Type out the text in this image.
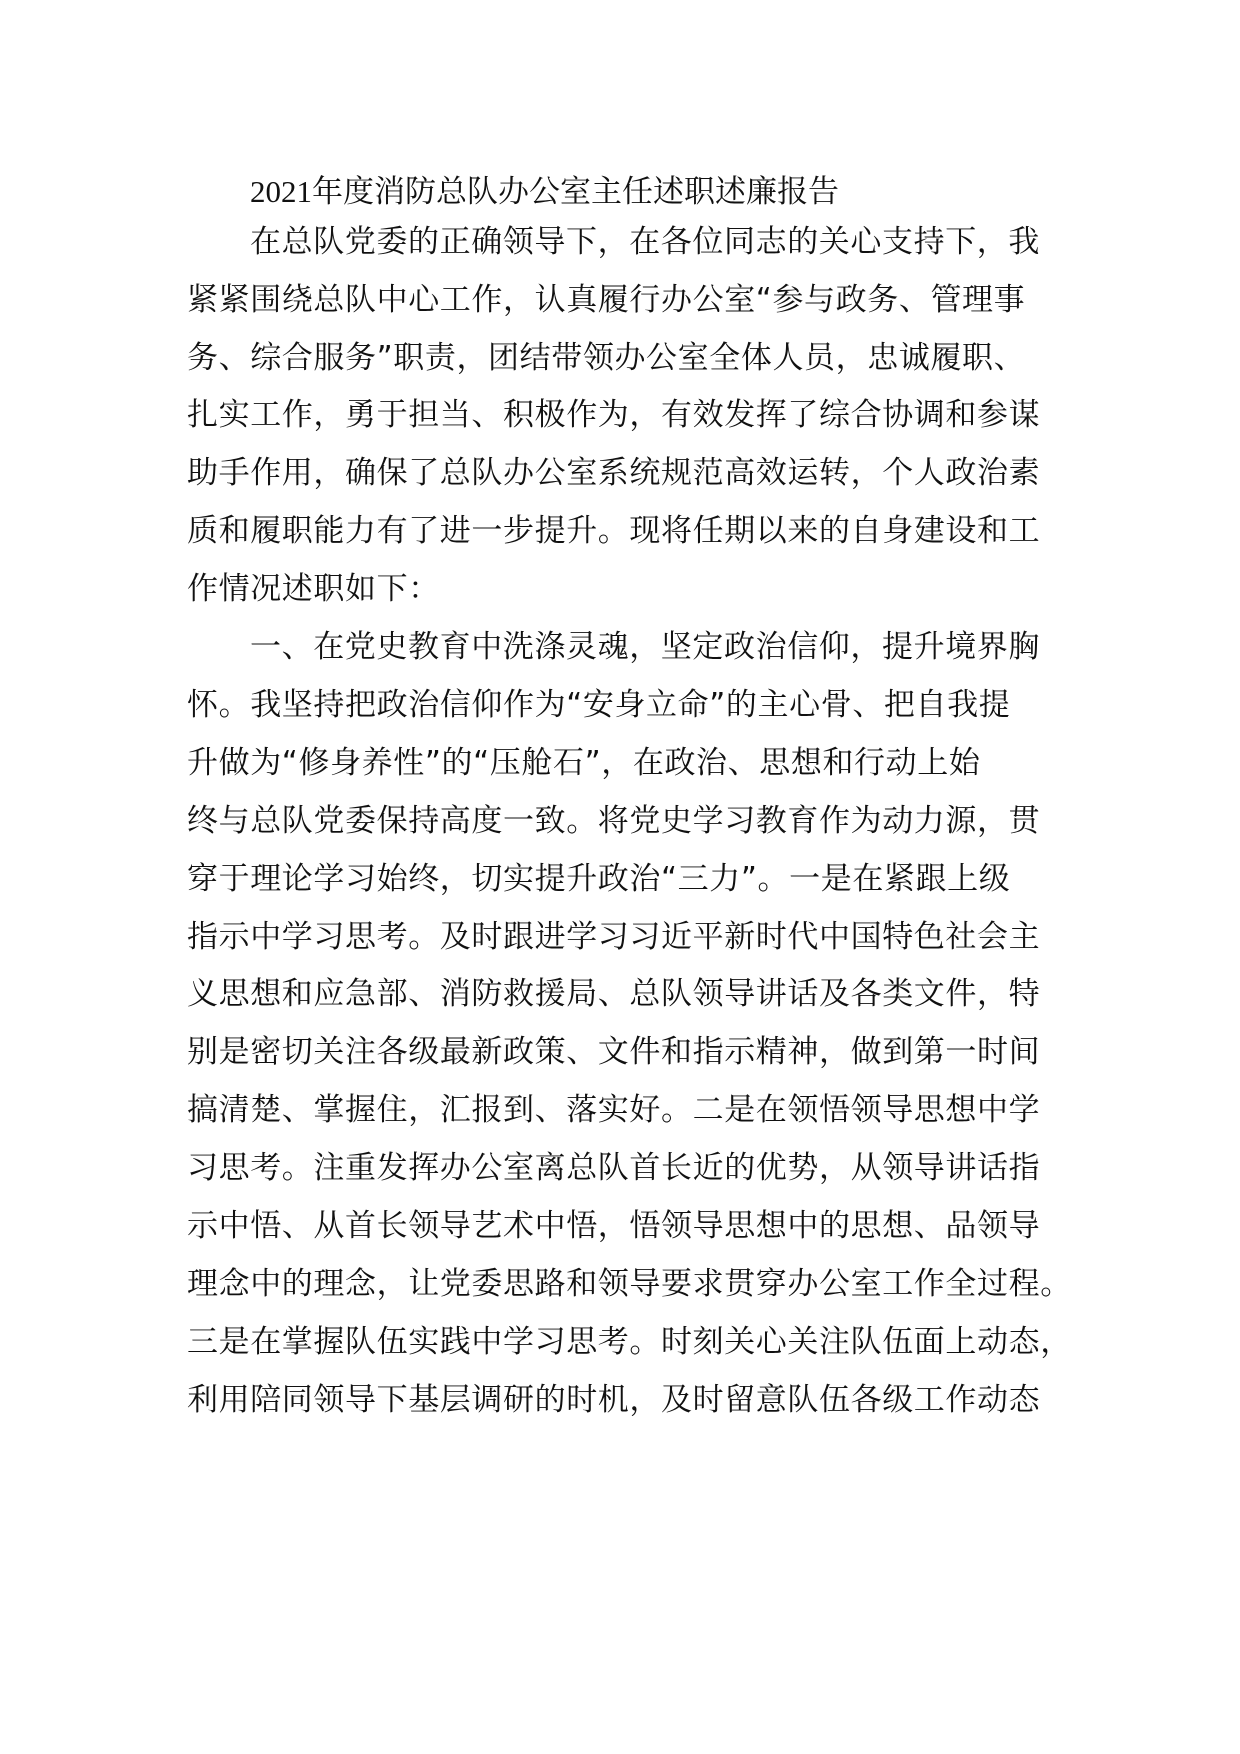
2021年度消防总队办公室主任述职述廉报告
在总队党委的正确领导下，在各位同志的关心支持下，我
紧紧围绕总队中心工作，认真履行办公室“参与政务、管理事
务、综合服务”职责，团结带领办公室全体人员，忠诚履职、
扎实工作，勇于担当、积极作为，有效发挥了综合协调和参谋
助手作用，确保了总队办公室系统规范高效运转，个人政治素
质和履职能力有了进一步提升。现将任期以来的自身建设和工
作情况述职如下：
一、在党史教育中洗涤灵魂，坚定政治信仰，提升境界胸
怀。我坚持把政治信仰作为“安身立命”的主心骨、把自我提
升做为“修身养性”的“压舱石”，在政治、思想和行动上始
终与总队党委保持高度一致。将党史学习教育作为动力源，贯
穿于理论学习始终，切实提升政治“三力”。一是在紧跟上级
指示中学习思考。及时跟进学习习近平新时代中国特色社会主
义思想和应急部、消防救援局、总队领导讲话及各类文件，特
别是密切关注各级最新政策、文件和指示精神，做到第一时间
搞清楚、掌握住，汇报到、落实好。二是在领悟领导思想中学
习思考。注重发挥办公室离总队首长近的优势，从领导讲话指
示中悟、从首长领导艺术中悟，悟领导思想中的思想、品领导
理念中的理念，让党委思路和领导要求贯穿办公室工作全过程。
三是在掌握队伍实践中学习思考。时刻关心关注队伍面上动态，
利用陪同领导下基层调研的时机，及时留意队伍各级工作动态
